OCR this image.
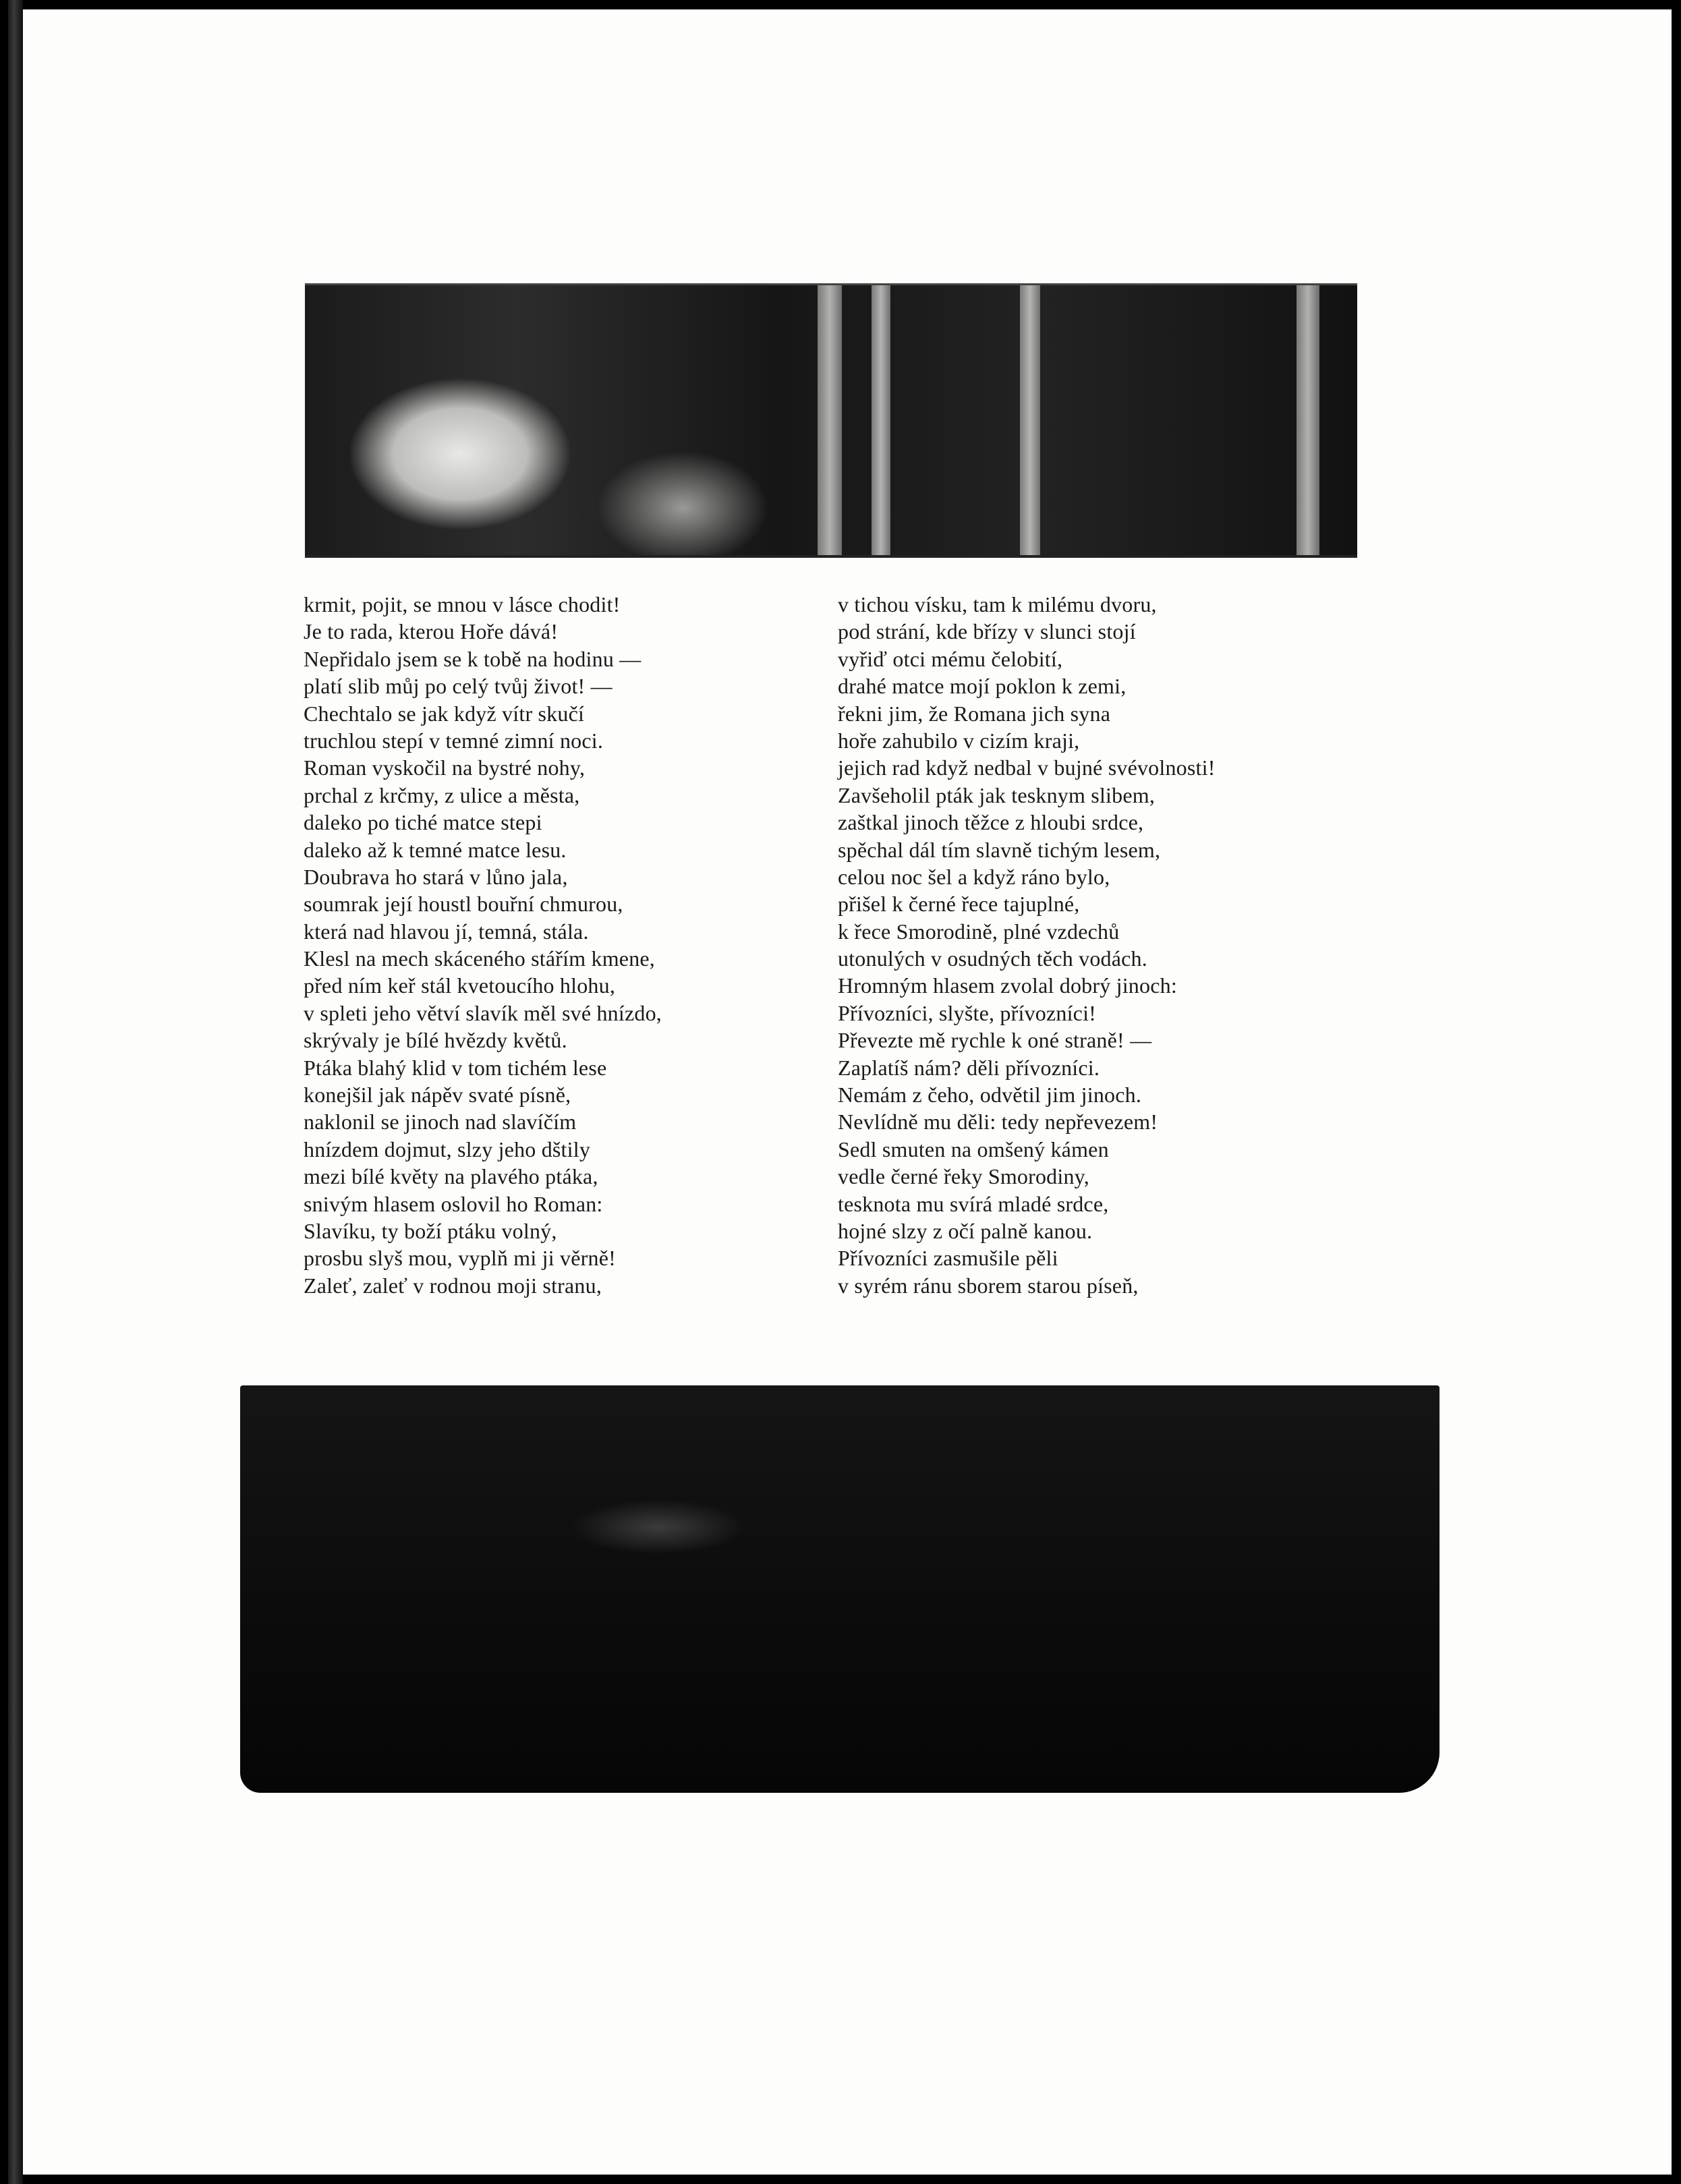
krmit, pojit, se mnou v lásce chodit!
Je to rada, kterou Hoře dává!
Nepřidalo jsem se k tobě na hodinu —
platí slib můj po celý tvůj život! —
Chechtalo se jak když vítr skučí
truchlou stepí v temné zimní noci.
Roman vyskočil na bystré nohy,
prchal z krčmy, z ulice a města,
daleko po tiché matce stepi
daleko až k temné matce lesu.
Doubrava ho stará v lůno jala,
soumrak její houstl bouřní chmurou,
která nad hlavou jí, temná, stála.
Klesl na mech skáceného stářím kmene,
před ním keř stál kvetoucího hlohu,
v spleti jeho větví slavík měl své hnízdo,
skrývaly je bílé hvězdy květů.
Ptáka blahý klid v tom tichém lese
konejšil jak nápěv svaté písně,
naklonil se jinoch nad slavíčím
hnízdem dojmut, slzy jeho dštily
mezi bílé květy na plavého ptáka,
snivým hlasem oslovil ho Roman:
Slavíku, ty boží ptáku volný,
prosbu slyš mou, vyplň mi ji věrně!
Zaleť, zaleť v rodnou moji stranu,
v tichou vísku, tam k milému dvoru,
pod strání, kde břízy v slunci stojí
vyřiď otci mému čelobití,
drahé matce mojí poklon k zemi,
řekni jim, že Romana jich syna
hoře zahubilo v cizím kraji,
jejich rad když nedbal v bujné svévolnosti!
Zavšeholil pták jak tesknym slibem,
zaštkal jinoch těžce z hloubi srdce,
spěchal dál tím slavně tichým lesem,
celou noc šel a když ráno bylo,
přišel k černé řece tajuplné,
k řece Smorodině, plné vzdechů
utonulých v osudných těch vodách.
Hromným hlasem zvolal dobrý jinoch:
Přívozníci, slyšte, přívozníci!
Převezte mě rychle k oné straně! —
Zaplatíš nám? děli přívozníci.
Nemám z čeho, odvětil jim jinoch.
Nevlídně mu děli: tedy nepřevezem!
Sedl smuten na omšený kámen
vedle černé řeky Smorodiny,
tesknota mu svírá mladé srdce,
hojné slzy z očí palně kanou.
Přívozníci zasmušile pěli
v syrém ránu sborem starou píseň,
